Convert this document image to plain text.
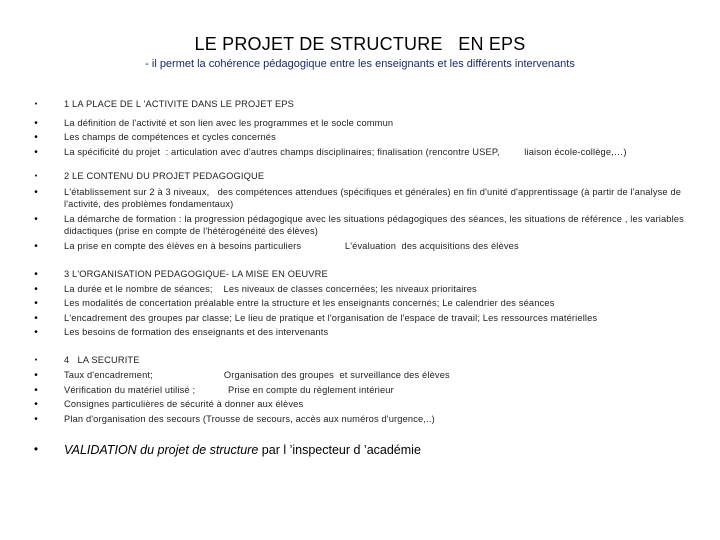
LE PROJET DE STRUCTURE   EN EPS
- il permet la cohérence pédagogique entre les enseignants et les différents intervenants
•	1 LA PLACE DE L 'ACTIVITE DANS LE PROJET EPS
•	La définition de l'activité et son lien avec les programmes et le socle commun
•	Les champs de compétences et cycles concernés
•	La spécificité du projet  : articulation avec d'autres champs disciplinaires; finalisation (rencontre USEP,         liaison école-collège,…)
•	2 LE CONTENU DU PROJET PEDAGOGIQUE
•	L'établissement sur 2 à 3 niveaux,   des compétences attendues (spécifiques et générales) en fin d'unité d'apprentissage (à partir de l'analyse de l'activité, des problèmes fondamentaux)
•	La démarche de formation : la progression pédagogique avec les situations pédagogiques des séances, les situations de référence , les variables didactiques (prise en compte de l'hétérogénéité des élèves)
•	La prise en compte des élèves en à besoins particuliers                L'évaluation  des acquisitions des élèves
•	3 L'ORGANISATION PEDAGOGIQUE- LA MISE EN OEUVRE
•	La durée et le nombre de séances;    Les niveaux de classes concernées; les niveaux prioritaires
•	Les modalités de concertation préalable entre la structure et les enseignants concernés; Le calendrier des séances
•	L'encadrement des groupes par classe; Le lieu de pratique et l'organisation de l'espace de travail; Les ressources matérielles
•	Les besoins de formation des enseignants et des intervenants
•	4   LA SECURITE
•	Taux d'encadrement;                          Organisation des groupes  et surveillance des élèves
•	Vérification du matériel utilisé ;            Prise en compte du règlement intérieur
•	Consignes particulières de sécurité à donner aux élèves
•	Plan d'organisation des secours (Trousse de secours, accès aux numéros d'urgence,..)
• VALIDATION du projet de structure par l ’inspecteur d ’académie
